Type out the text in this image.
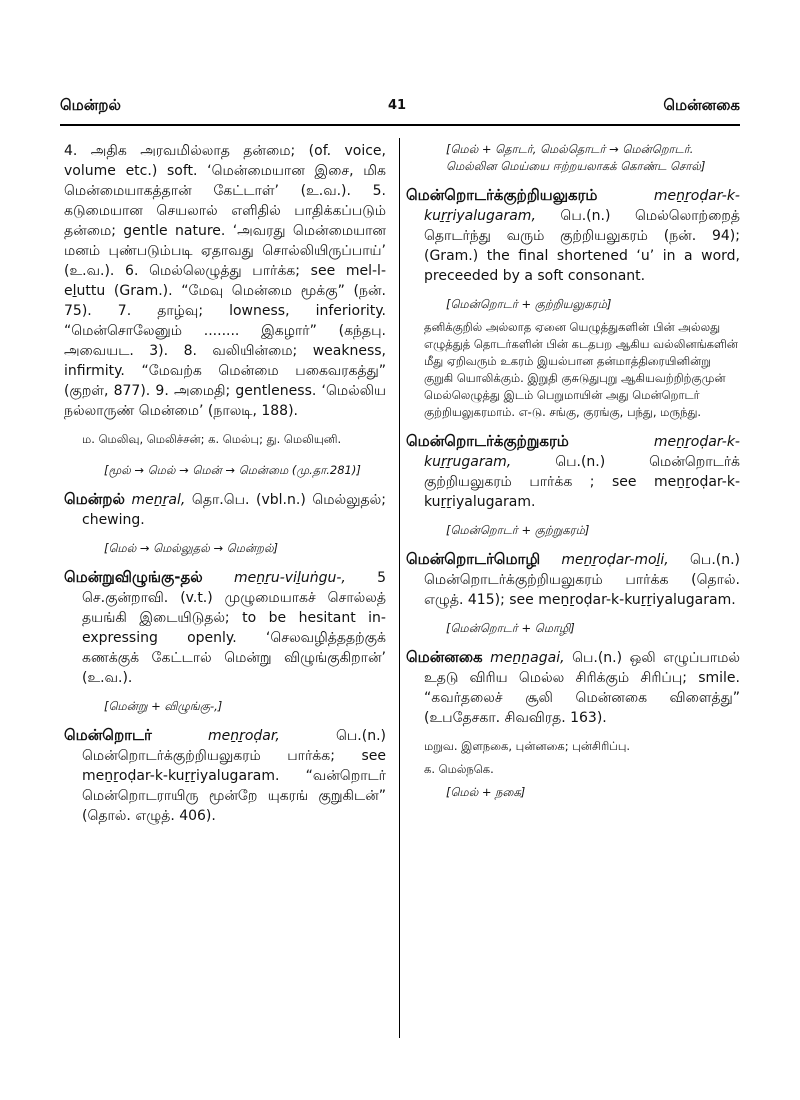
மென்றல்	41	மென்னகை

4. அதிக அரவமில்லாத தன்மை; (of. voice, volume etc.) soft. ‘மென்மையான இசை, மிக மென்மையாகத்தான் கேட்டாள்’ (உ.வ.). 5. கடுமையான செயலால் எளிதில் பாதிக்கப்படும் தன்மை; gentle nature. ‘அவரது மென்மையான மனம் புண்படும்படி ஏதாவது சொல்லியிருப்பாய்’ (உ.வ.). 6. மெல்லெழுத்து பார்க்க; see mel-l-eḻuttu (Gram.). “மேவு மென்மை மூக்கு” (நன். 75). 7. தாழ்வு; lowness, inferiority. “மென்சொலேனும் ........ இகழார்” (கந்தபு. அவையட. 3). 8. வலியின்மை; weakness, infirmity. “மேவற்க மென்மை பகைவரகத்து” (குறள், 877). 9. அமைதி; gentleness. ‘மெல்லிய நல்லாருண் மென்மை’ (நாலடி, 188).

ம. மெலிவு, மெலிச்சன்; க. மெல்பு; து. மெலியுனி.

[மூல் → மெல் → மென் → மென்மை (மு.தா.281)]

மென்றல் meṉṟal, தொ.பெ. (vbl.n.) மெல்லுதல்; chewing.

[மெல் → மெல்லுதல் → மென்றல்]

மென்றுவிழுங்கு-தல் meṉṟu-viḻuṅgu-, 5 செ.குன்றாவி. (v.t.) முழுமையாகச் சொல்லத் தயங்கி இடையிடுதல்; to be hesitant in-expressing openly. ‘செலவழித்ததற்குக் கணக்குக் கேட்டால் மென்று விழுங்குகிறான்’ (உ.வ.).

[மென்று + விழுங்கு-,]

மென்றொடர்	meṉṟoḍar,	பெ.(n.) மென்றொடர்க்குற்றியலுகரம் பார்க்க; see meṉṟoḍar-k-kuṟṟiyalugaram. “வன்றொடர் மென்றொடராயிரு மூன்றே யுகரங் குறுகிடன்” (தொல். எழுத். 406).

[மெல் + தொடர், மெல்தொடர் → மென்றொடர். மெல்லின மெய்யை ஈற்றயலாகக் கொண்ட சொல்]

மென்றொடர்க்குற்றியலுகரம்	meṉṟoḍar-k-kuṟṟiyalugaram, பெ.(n.) மெல்லொற்றைத் தொடர்ந்து வரும் குற்றியலுகரம் (நன். 94); (Gram.) the final shortened ‘u’ in a word, preceeded by a soft consonant.

[மென்றொடர் + குற்றியலுகரம்]

தனிக்குறில் அல்லாத ஏனை யெழுத்துகளின் பின் அல்லது எழுத்துத் தொடர்களின் பின் கடதபற ஆகிய வல்லினங்களின் மீது ஏறிவரும் உகரம் இயல்பான தன்மாத்திரையினின்று குறுகி யொலிக்கும். இறுதி குசுடுதுபுறு ஆகியவற்றிற்குமுன் மெல்லெழுத்து இடம் பெறுமாயின் அது மென்றொடர் குற்றியலுகரமாம். எ-டு. சங்கு, குரங்கு, பந்து, மருந்து.

மென்றொடர்க்குற்றுகரம்	meṉṟoḍar-k-kuṟṟugaram,	பெ.(n.) மென்றொடர்க் குற்றியலுகரம் பார்க்க ; see meṉṟoḍar-k-kuṟṟiyalugaram.

[மென்றொடர் + குற்றுகரம்]

மென்றொடர்மொழி meṉṟoḍar-moḻi, பெ.(n.) மென்றொடர்க்குற்றியலுகரம் பார்க்க (தொல். எழுத். 415); see meṉṟoḍar-k-kuṟṟiyalugaram.

[மென்றொடர் + மொழி]

மென்னகை meṉṉagai, பெ.(n.) ஒலி எழுப்பாமல் உதடு விரிய மெல்ல சிரிக்கும் சிரிப்பு; smile. “கவர்தலைச் சூலி மென்னகை விளைத்து” (உபதேசகா. சிவவிரத. 163).

மறுவ. இளநகை, புன்னகை; புன்சிரிப்பு.

க. மெல்நகெ.

[மெல் + நகை]
